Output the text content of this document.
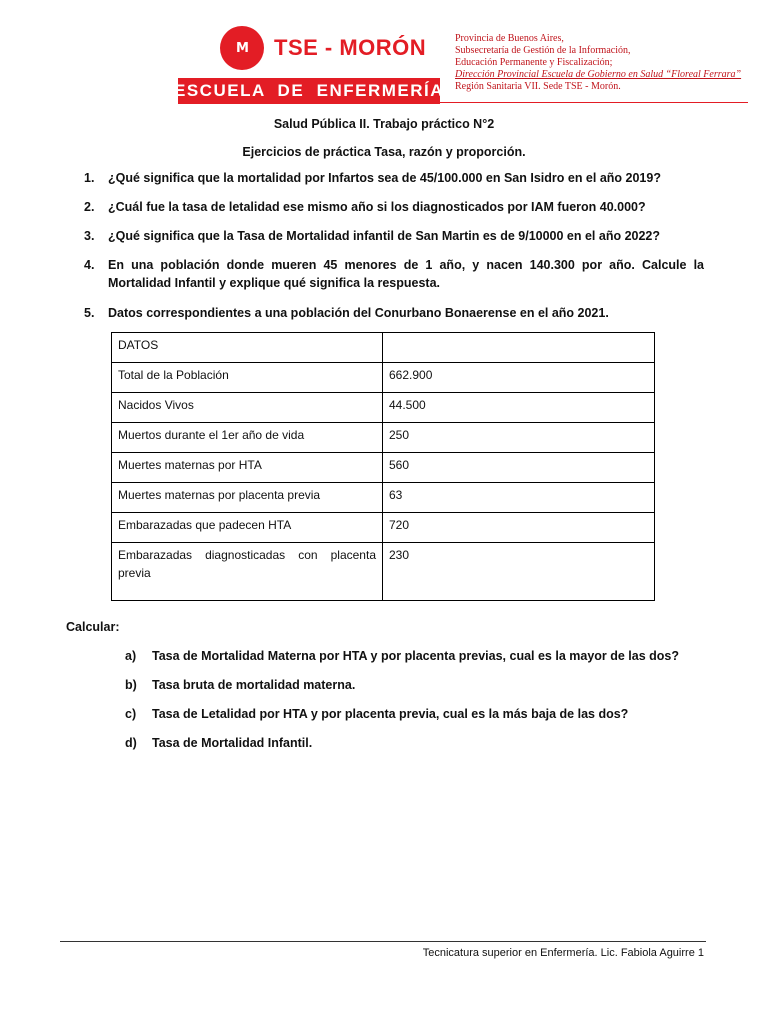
M TSE - MORÓN
ESCUELA  DE  ENFERMERÍA
Provincia de Buenos Aires,
Subsecretaría de Gestión de la Información,
Educación Permanente y Fiscalización;
Dirección Provincial Escuela de Gobierno en Salud “Floreal Ferrara”
Región Sanitaria VII. Sede TSE - Morón.
Salud Pública II. Trabajo práctico N°2
Ejercicios de práctica Tasa, razón y proporción.
1.	¿Qué significa que la mortalidad por Infartos sea de 45/100.000 en San Isidro en el año 2019?
2.	¿Cuál fue la tasa de letalidad ese mismo año si los diagnosticados por IAM fueron 40.000?
3.	¿Qué significa que la Tasa de Mortalidad infantil de San Martin es de 9/10000 en el año 2022?
4.	En una población donde mueren 45 menores de 1 año, y nacen 140.300 por año. Calcule la Mortalidad Infantil y explique qué significa la respuesta.
5.	Datos correspondientes a una población del Conurbano Bonaerense en el año 2021.
DATOS	
Total de la Población	662.900
Nacidos Vivos	44.500
Muertos durante el 1er año de vida	250
Muertes maternas por HTA	560
Muertes maternas por placenta previa	63
Embarazadas que padecen HTA	720
Embarazadas diagnosticadas con placenta previa	230
Calcular:
a)	Tasa de Mortalidad Materna por HTA y por placenta previas, cual es la mayor de las dos?
b)	Tasa bruta de mortalidad materna.
c)	Tasa de Letalidad por HTA y por placenta previa, cual es la más baja de las dos?
d)	Tasa de Mortalidad Infantil.
Tecnicatura superior en Enfermería. Lic. Fabiola Aguirre 1
